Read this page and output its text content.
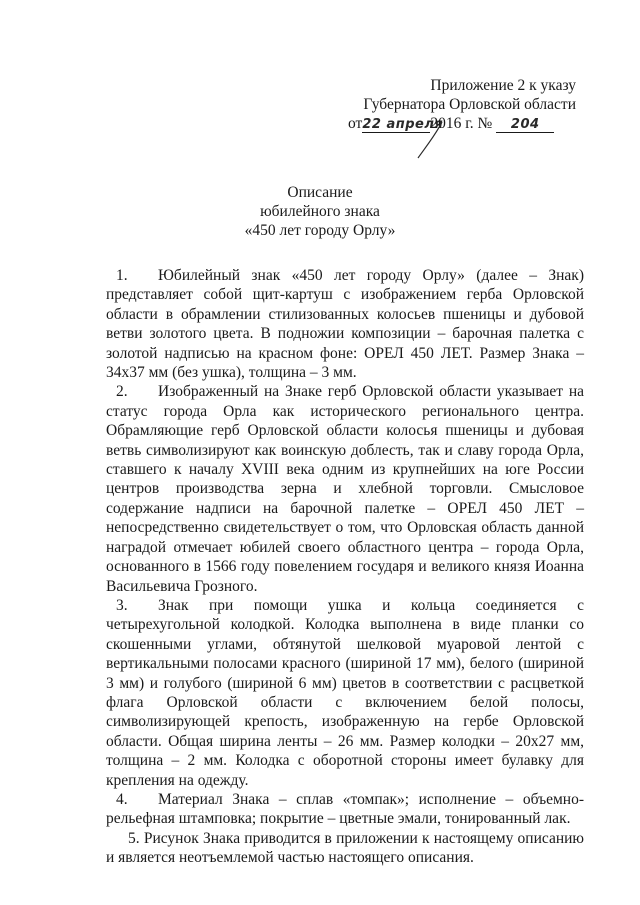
Приложение 2 к указу
Губернатора Орловской области
от22 апреля2016 г. № 204
Описание
юбилейного знака
«450 лет городу Орлу»

1. Юбилейный знак «450 лет городу Орлу» (далее – Знак) представляет собой щит-картуш с изображением герба Орловской области в обрамлении стилизованных колосьев пшеницы и дубовой ветви золотого цвета. В подножии композиции – барочная палетка с золотой надписью на красном фоне: ОРЕЛ 450 ЛЕТ. Размер Знака – 34х37 мм (без ушка), толщина – 3 мм.

2. Изображенный на Знаке герб Орловской области указывает на статус города Орла как исторического регионального центра. Обрамляющие герб Орловской области колосья пшеницы и дубовая ветвь символизируют как воинскую доблесть, так и славу города Орла, ставшего к началу XVIII века одним из крупнейших на юге России центров производства зерна и хлебной торговли. Смысловое содержание надписи на барочной палетке – ОРЕЛ 450 ЛЕТ – непосредственно свидетельствует о том, что Орловская область данной наградой отмечает юбилей своего областного центра – города Орла, основанного в 1566 году повелением государя и великого князя Иоанна Васильевича Грозного.

3. Знак при помощи ушка и кольца соединяется с четырехугольной колодкой. Колодка выполнена в виде планки со скошенными углами, обтянутой шелковой муаровой лентой с вертикальными полосами красного (шириной 17 мм), белого (шириной 3 мм) и голубого (шириной 6 мм) цветов в соответствии с расцветкой флага Орловской области с включением белой полосы, символизирующей крепость, изображенную на гербе Орловской области. Общая ширина ленты – 26 мм. Размер колодки – 20х27 мм, толщина – 2 мм. Колодка с оборотной стороны имеет булавку для крепления на одежду.

4. Материал Знака – сплав «томпак»; исполнение – объемно-рельефная штамповка; покрытие – цветные эмали, тонированный лак.

5. Рисунок Знака приводится в приложении к настоящему описанию и является неотъемлемой частью настоящего описания.
